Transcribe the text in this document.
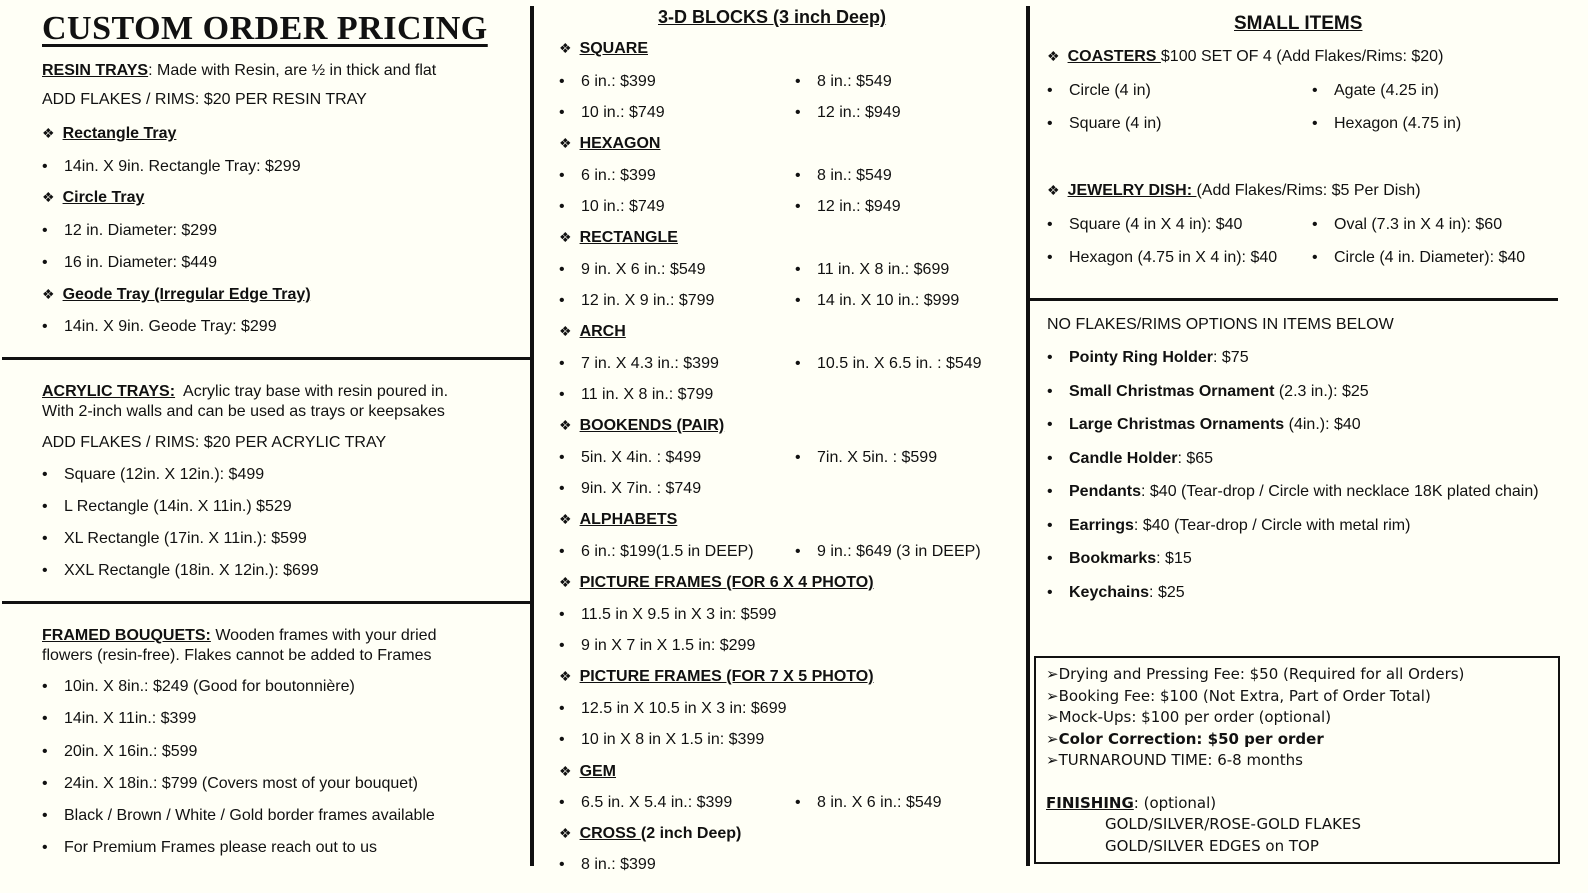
CUSTOM ORDER PRICING
RESIN TRAYS: Made with Resin, are ½ in thick and flat
ADD FLAKES / RIMS: $20 PER RESIN TRAY
❖ Rectangle Tray
• 14in. X 9in. Rectangle Tray: $299
❖ Circle Tray
• 12 in. Diameter: $299
• 16 in. Diameter: $449
❖ Geode Tray (Irregular Edge Tray)
• 14in. X 9in. Geode Tray: $299
ACRYLIC TRAYS:  Acrylic tray base with resin poured in.
With 2-inch walls and can be used as trays or keepsakes
ADD FLAKES / RIMS: $20 PER ACRYLIC TRAY
• Square (12in. X 12in.): $499
• L Rectangle (14in. X 11in.) $529
• XL Rectangle (17in. X 11in.): $599
• XXL Rectangle (18in. X 12in.): $699
FRAMED BOUQUETS: Wooden frames with your dried
flowers (resin-free). Flakes cannot be added to Frames
• 10in. X 8in.: $249 (Good for boutonnière)
• 14in. X 11in.: $399
• 20in. X 16in.: $599
• 24in. X 18in.: $799 (Covers most of your bouquet)
• Black / Brown / White / Gold border frames available
• For Premium Frames please reach out to us
3-D BLOCKS (3 inch Deep)
❖ SQUARE
• 6 in.: $399	• 8 in.: $549
• 10 in.: $749	• 12 in.: $949
❖ HEXAGON
• 6 in.: $399	• 8 in.: $549
• 10 in.: $749	• 12 in.: $949
❖ RECTANGLE
• 9 in. X 6 in.: $549	• 11 in. X 8 in.: $699
• 12 in. X 9 in.: $799	• 14 in. X 10 in.: $999
❖ ARCH
• 7 in. X 4.3 in.: $399	• 10.5 in. X 6.5 in. : $549
• 11 in. X 8 in.: $799
❖ BOOKENDS (PAIR)
• 5in. X 4in. : $499	• 7in. X 5in. : $599
• 9in. X 7in. : $749
❖ ALPHABETS
• 6 in.: $199(1.5 in DEEP)	• 9 in.: $649 (3 in DEEP)
❖ PICTURE FRAMES (FOR 6 X 4 PHOTO)
• 11.5 in X 9.5 in X 3 in: $599
• 9 in X 7 in X 1.5 in: $299
❖ PICTURE FRAMES (FOR 7 X 5 PHOTO)
• 12.5 in X 10.5 in X 3 in: $699
• 10 in X 8 in X 1.5 in: $399
❖ GEM
• 6.5 in. X 5.4 in.: $399	• 8 in. X 6 in.: $549
❖ CROSS (2 inch Deep)
• 8 in.: $399
SMALL ITEMS
❖ COASTERS $100 SET OF 4 (Add Flakes/Rims: $20)
• Circle (4 in)	• Agate (4.25 in)
• Square (4 in)	• Hexagon (4.75 in)
❖ JEWELRY DISH: (Add Flakes/Rims: $5 Per Dish)
• Square (4 in X 4 in): $40	• Oval (7.3 in X 4 in): $60
• Hexagon (4.75 in X 4 in): $40	• Circle (4 in. Diameter): $40
NO FLAKES/RIMS OPTIONS IN ITEMS BELOW
• Pointy Ring Holder: $75
• Small Christmas Ornament (2.3 in.): $25
• Large Christmas Ornaments (4in.): $40
• Candle Holder: $65
• Pendants: $40 (Tear-drop / Circle with necklace 18K plated chain)
• Earrings: $40 (Tear-drop / Circle with metal rim)
• Bookmarks: $15
• Keychains: $25
➢Drying and Pressing Fee: $50 (Required for all Orders)
➢Booking Fee: $100 (Not Extra, Part of Order Total)
➢Mock-Ups: $100 per order (optional)
➢Color Correction: $50 per order
➢TURNAROUND TIME: 6-8 months
FINISHING: (optional)
GOLD/SILVER/ROSE-GOLD FLAKES
GOLD/SILVER EDGES on TOP
